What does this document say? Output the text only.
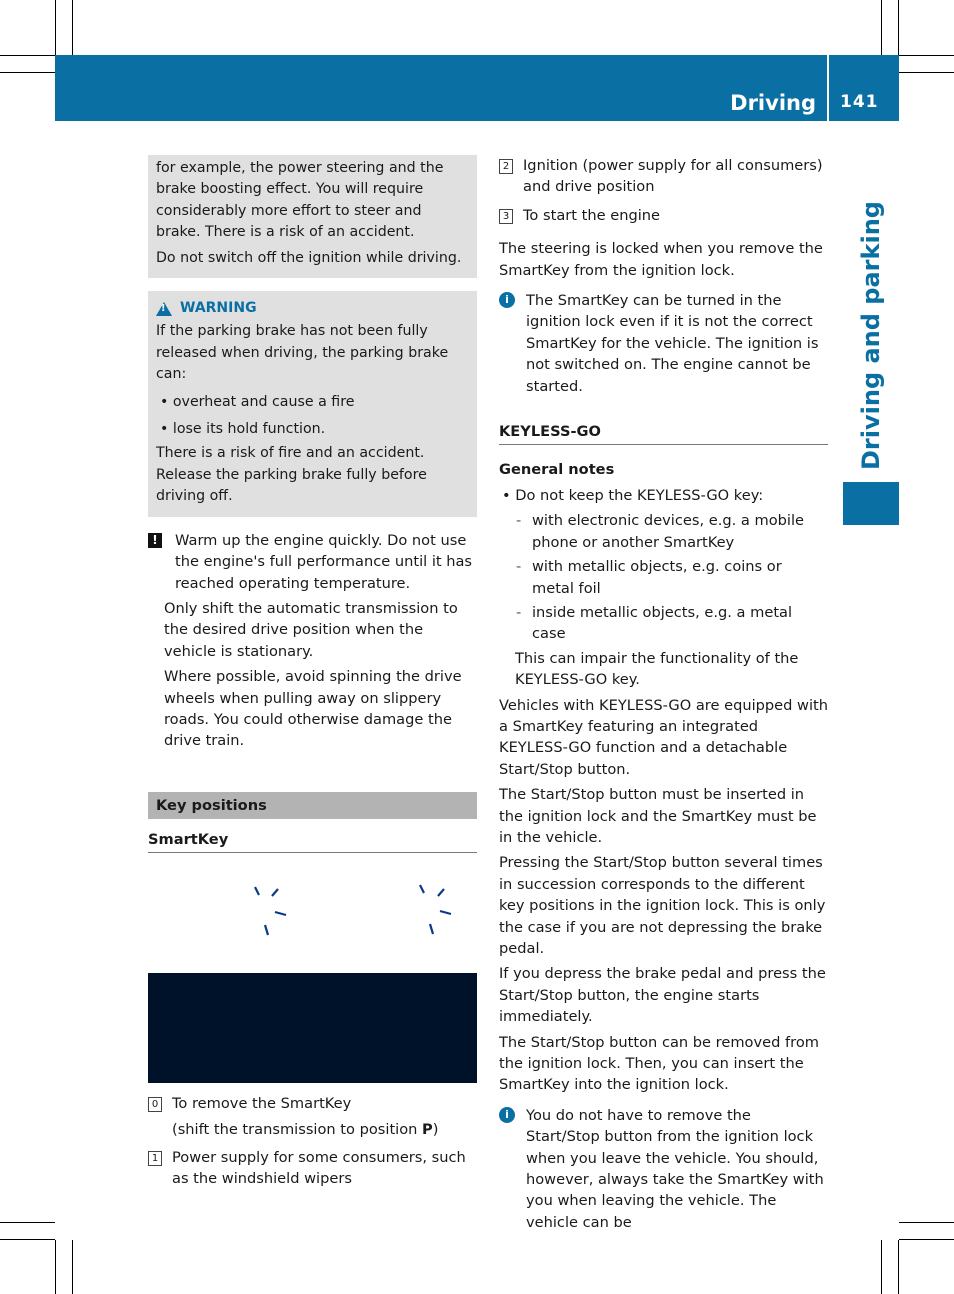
Driving 141
Driving and parking

for example, the power steering and the brake boosting effect. You will require considerably more effort to steer and brake. There is a risk of an accident.

Do not switch off the ignition while driving.

!
WARNING

If the parking brake has not been fully released when driving, the parking brake can:

• overheat and cause a fire

• lose its hold function.

There is a risk of fire and an accident. Release the parking brake fully before driving off.

!	Warm up the engine quickly. Do not use the engine's full performance until it has reached operating temperature.

Only shift the automatic transmission to the desired drive position when the vehicle is stationary.

Where possible, avoid spinning the drive wheels when pulling away on slippery roads. You could otherwise damage the drive train.

Key positions
SmartKey
0 To remove the SmartKey

(shift the transmission to position P)

1 Power supply for some consumers, such as the windshield wipers

2 Ignition (power supply for all consumers) and drive position

3 To start the engine

The steering is locked when you remove the SmartKey from the ignition lock.

i	The SmartKey can be turned in the ignition lock even if it is not the correct SmartKey for the vehicle. The ignition is not switched on. The engine cannot be started.

KEYLESS-GO
General notes

• Do not keep the KEYLESS-GO key:

- with electronic devices, e.g. a mobile phone or another SmartKey

- with metallic objects, e.g. coins or metal foil

- inside metallic objects, e.g. a metal case

This can impair the functionality of the KEYLESS-GO key.

Vehicles with KEYLESS-GO are equipped with a SmartKey featuring an integrated KEYLESS-GO function and a detachable Start/Stop button.

The Start/Stop button must be inserted in the ignition lock and the SmartKey must be in the vehicle.

Pressing the Start/Stop button several times in succession corresponds to the different key positions in the ignition lock. This is only the case if you are not depressing the brake pedal.

If you depress the brake pedal and press the Start/Stop button, the engine starts immediately.

The Start/Stop button can be removed from the ignition lock. Then, you can insert the SmartKey into the ignition lock.

i	You do not have to remove the Start/Stop button from the ignition lock when you leave the vehicle. You should, however, always take the SmartKey with you when leaving the vehicle. The vehicle can be
